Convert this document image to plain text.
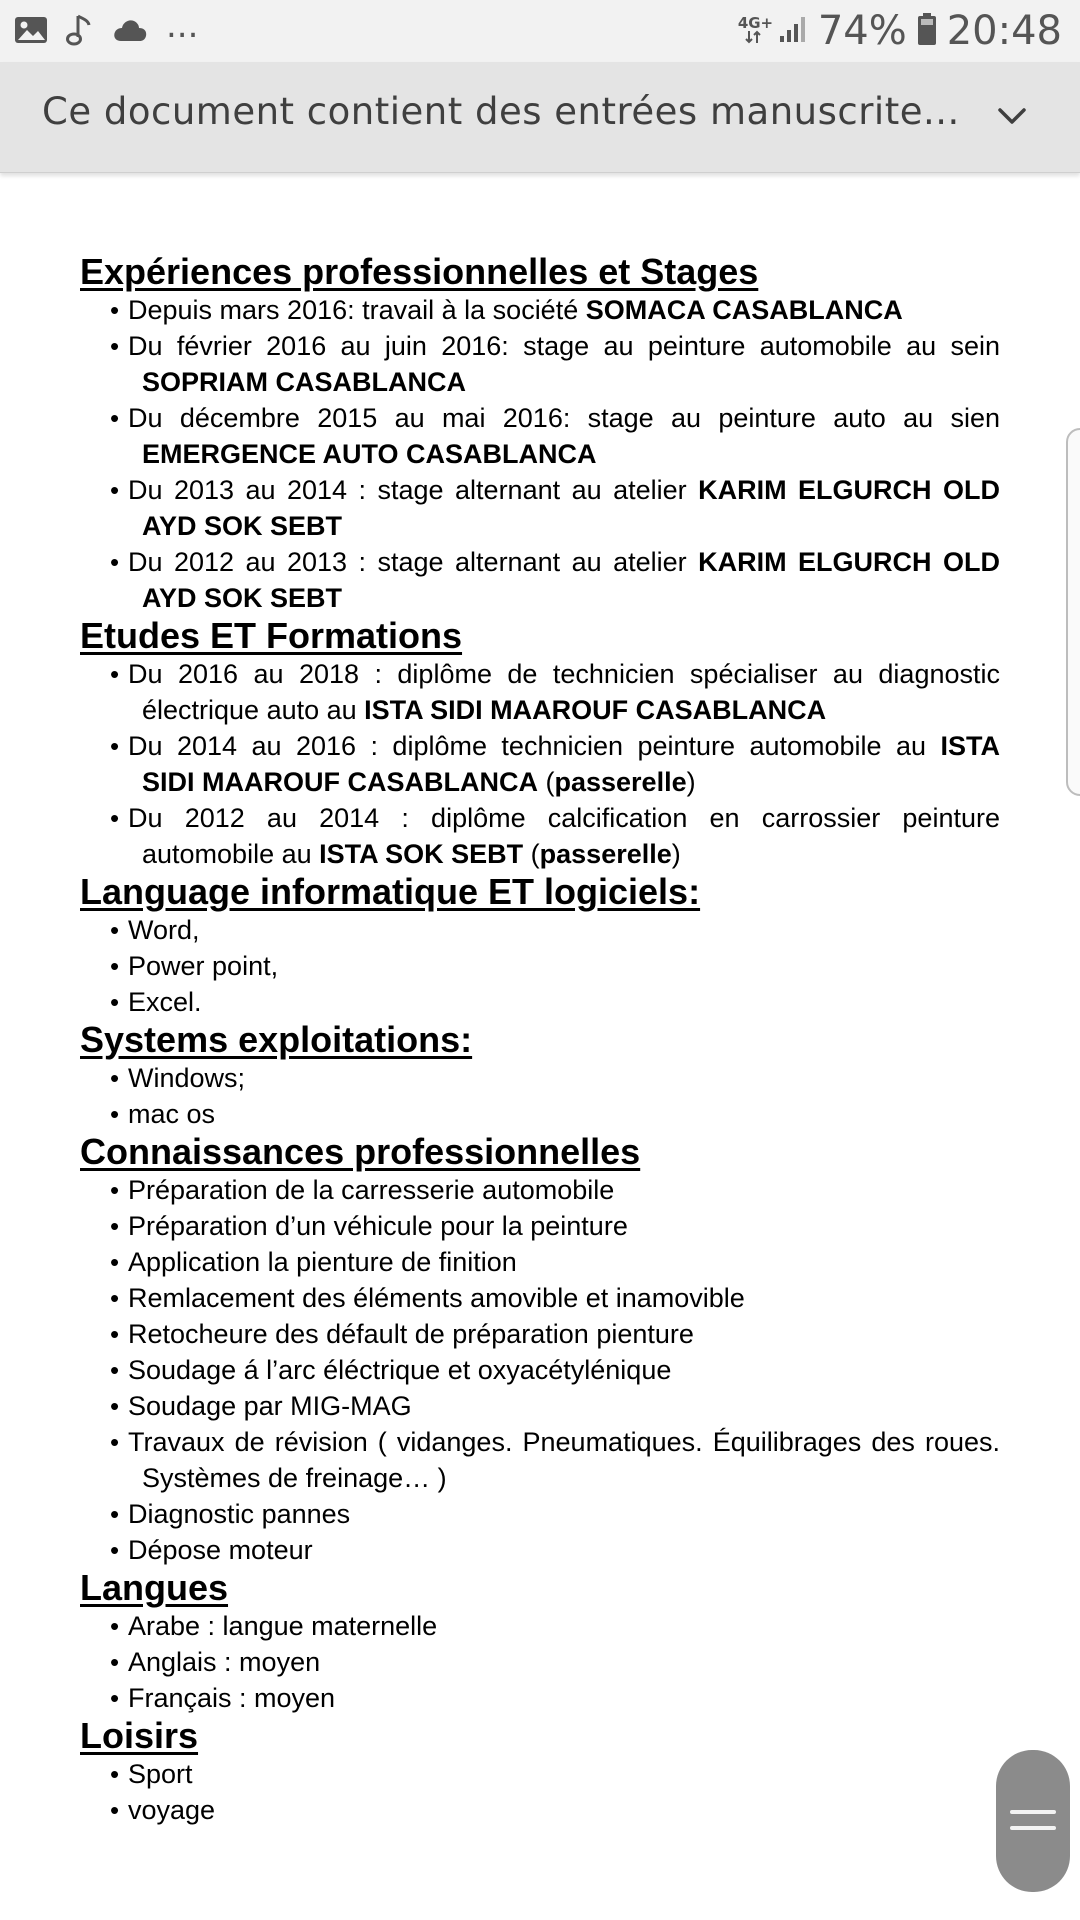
...	4G+ 74% 20:48
Ce document contient des entrées manuscrite...
Expériences professionnelles et Stages
• Depuis mars 2016: travail à la société SOMACA CASABLANCA
• Du février 2016 au juin 2016: stage au peinture automobile au sein
SOPRIAM CASABLANCA
• Du décembre 2015 au mai 2016: stage au peinture auto au sien
EMERGENCE AUTO CASABLANCA
• Du 2013 au 2014 : stage alternant au atelier KARIM ELGURCH OLD
AYD SOK SEBT
• Du 2012 au 2013 : stage alternant au atelier KARIM ELGURCH OLD
AYD SOK SEBT
Etudes ET Formations
• Du 2016 au 2018 : diplôme de technicien spécialiser au diagnostic
électrique auto au ISTA SIDI MAAROUF CASABLANCA
• Du 2014 au 2016 : diplôme technicien peinture automobile au ISTA
SIDI MAAROUF CASABLANCA (passerelle)
• Du 2012 au 2014 : diplôme calcification en carrossier peinture
automobile au ISTA SOK SEBT (passerelle)
Language informatique ET logiciels:
• Word,
• Power point,
• Excel.
Systems exploitations:
• Windows;
• mac os
Connaissances professionnelles
• Préparation de la carresserie automobile
• Préparation d’un véhicule pour la peinture
• Application la pienture de finition
• Remlacement des éléments amovible et inamovible
• Retocheure des défault de préparation pienture
• Soudage á l’arc éléctrique et oxyacétylénique
• Soudage par MIG-MAG
• Travaux de révision ( vidanges. Pneumatiques. Équilibrages des roues.
Systèmes de freinage… )
• Diagnostic pannes
• Dépose moteur
Langues
• Arabe : langue maternelle
• Anglais : moyen
• Français : moyen
Loisirs
• Sport
• voyage
